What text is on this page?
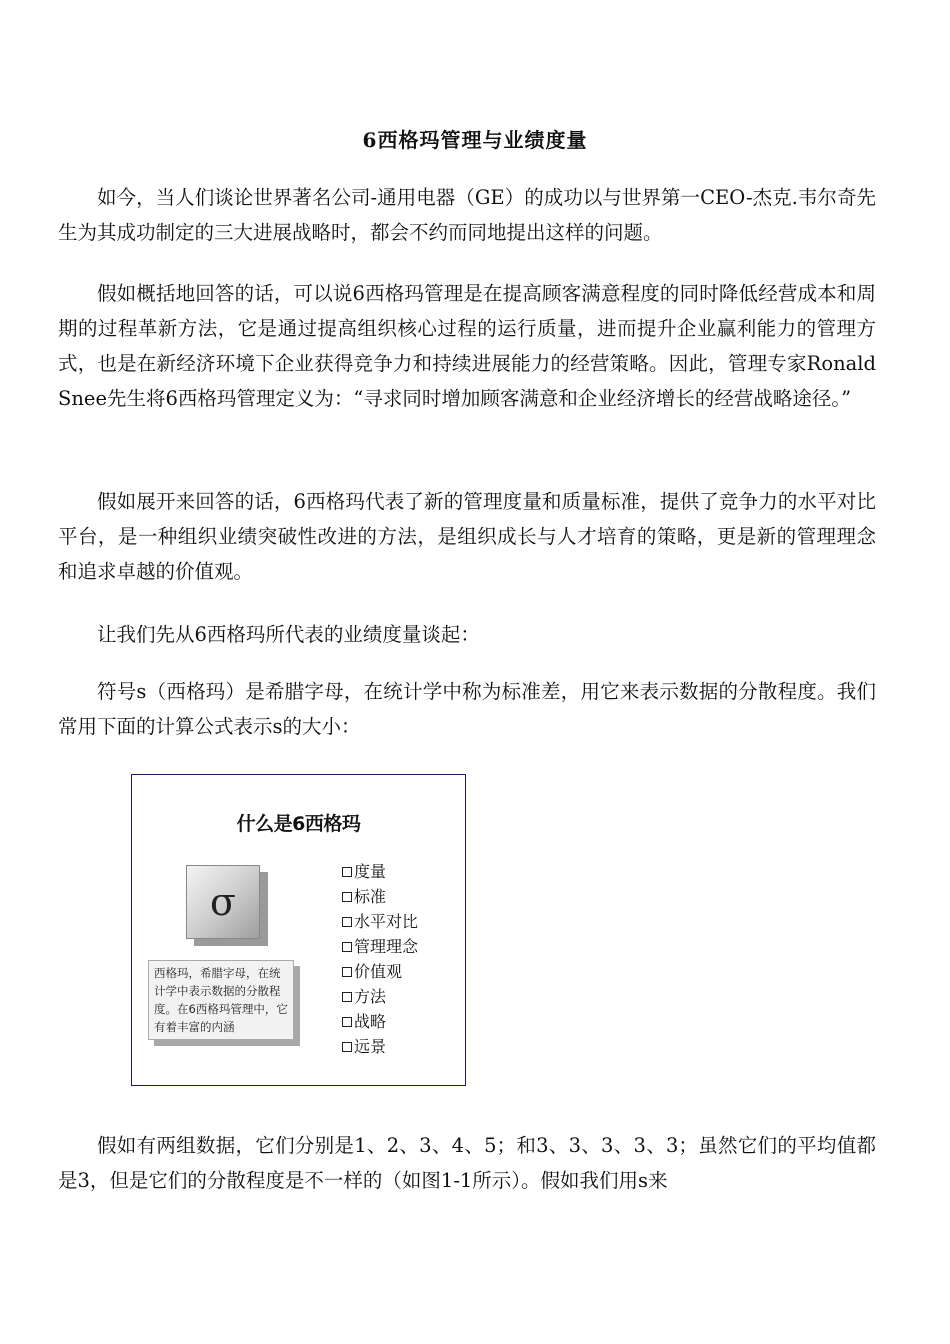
6西格玛管理与业绩度量

如今，当人们谈论世界著名公司-通用电器（GE）的成功以与世界第一CEO-杰克.韦尔奇先生为其成功制定的三大进展战略时，都会不约而同地提出这样的问题。

假如概括地回答的话，可以说6西格玛管理是在提高顾客满意程度的同时降低经营成本和周期的过程革新方法，它是通过提高组织核心过程的运行质量，进而提升企业赢利能力的管理方式，也是在新经济环境下企业获得竞争力和持续进展能力的经营策略。因此，管理专家Ronald Snee先生将6西格玛管理定义为：“寻求同时增加顾客满意和企业经济增长的经营战略途径。”

假如展开来回答的话，6西格玛代表了新的管理度量和质量标准，提供了竞争力的水平对比平台，是一种组织业绩突破性改进的方法，是组织成长与人才培育的策略，更是新的管理理念和追求卓越的价值观。

让我们先从6西格玛所代表的业绩度量谈起：

符号s（西格玛）是希腊字母，在统计学中称为标准差，用它来表示数据的分散程度。我们常用下面的计算公式表示s的大小：

什么是6西格玛
σ
西格玛，希腊字母，在统计学中表示数据的分散程度。在6西格玛管理中，它有着丰富的内涵
度量
标准
水平对比
管理理念
价值观
方法
战略
远景

假如有两组数据，它们分别是1、2、3、4、5；和3、3、3、3、3；虽然它们的平均值都是3，但是它们的分散程度是不一样的（如图1-1所示）。假如我们用s来
